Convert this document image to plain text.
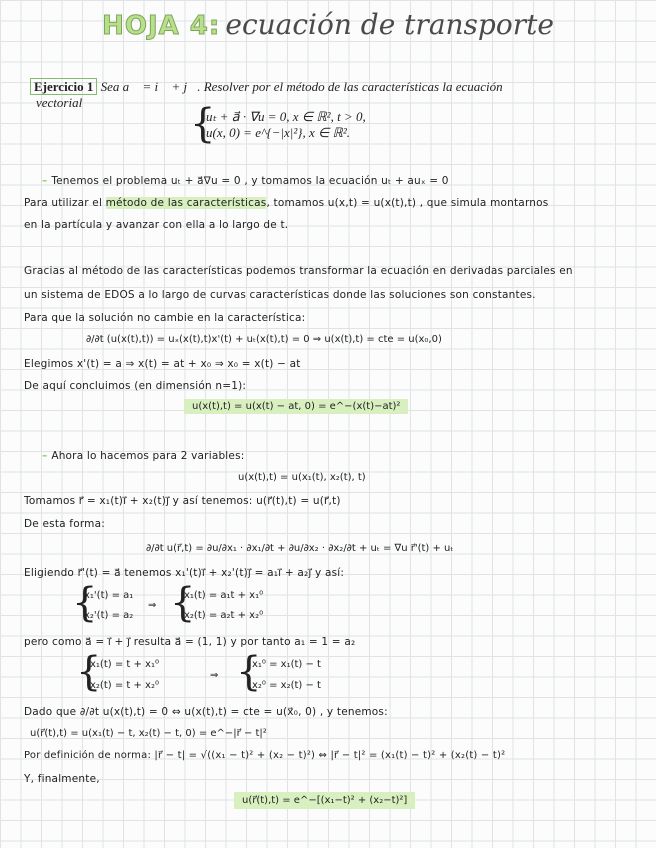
HOJA 4: ecuación de transporte
Ejercicio 1 Sea a⃗ = i⃗ + j⃗. Resolver por el método de las características la ecuación
vectorial	{
uₜ + a⃗ · ∇u = 0, x ∈ ℝ², t > 0,
u(x, 0) = e^{−|x|²}, x ∈ ℝ².
– Tenemos el problema uₜ + a⃗∇u = 0 , y tomamos la ecuación uₜ + auₓ = 0
Para utilizar el método de las características, tomamos u(x,t) = u(x(t),t) , que simula montarnos
en la partícula y avanzar con ella a lo largo de t.
Gracias al método de las características podemos transformar la ecuación en derivadas parciales en
un sistema de EDOS a lo largo de curvas características donde las soluciones son constantes.
Para que la solución no cambie en la característica:
∂/∂t (u(x(t),t)) = uₓ(x(t),t)x'(t) + uₜ(x(t),t) = 0 ⇒ u(x(t),t) = cte = u(x₀,0)
Elegimos x'(t) = a ⇒ x(t) = at + x₀ ⇒ x₀ = x(t) − at
De aquí concluimos (en dimensión n=1):
u(x(t),t) = u(x(t) − at, 0) = e^−(x(t)−at)²
– Ahora lo hacemos para 2 variables:
u(x(t),t) = u(x₁(t), x₂(t), t)
Tomamos r⃗ = x₁(t)i⃗ + x₂(t)j⃗ y así tenemos: u(r⃗(t),t) = u(r⃗,t)
De esta forma:
∂/∂t u(r⃗,t) = ∂u/∂x₁ · ∂x₁/∂t + ∂u/∂x₂ · ∂x₂/∂t + uₜ = ∇u r⃗'(t) + uₜ
Eligiendo r⃗'(t) = a⃗ tenemos x₁'(t)i⃗ + x₂'(t)j⃗ = a₁i⃗ + a₂j⃗ y así:
{
x₁'(t) = a₁
x₂'(t) = a₂
⇒ {
x₁(t) = a₁t + x₁⁰
x₂(t) = a₂t + x₂⁰
pero como a⃗ = i⃗ + j⃗ resulta a⃗ = (1, 1) y por tanto a₁ = 1 = a₂
{
x₁(t) = t + x₁⁰
x₂(t) = t + x₂⁰
⇒ {
x₁⁰ = x₁(t) − t
x₂⁰ = x₂(t) − t
Dado que ∂/∂t u(x(t),t) = 0 ⇔ u(x(t),t) = cte = u(x⃗₀, 0) , y tenemos:
u(r⃗(t),t) = u(x₁(t) − t, x₂(t) − t, 0) = e^−|r⃗ − t|²
Por definición de norma: |r⃗ − t| = √((x₁ − t)² + (x₂ − t)²) ⇔ |r⃗ − t|² = (x₁(t) − t)² + (x₂(t) − t)²
Y, finalmente,
u(r⃗(t),t) = e^−[(x₁−t)² + (x₂−t)²]
